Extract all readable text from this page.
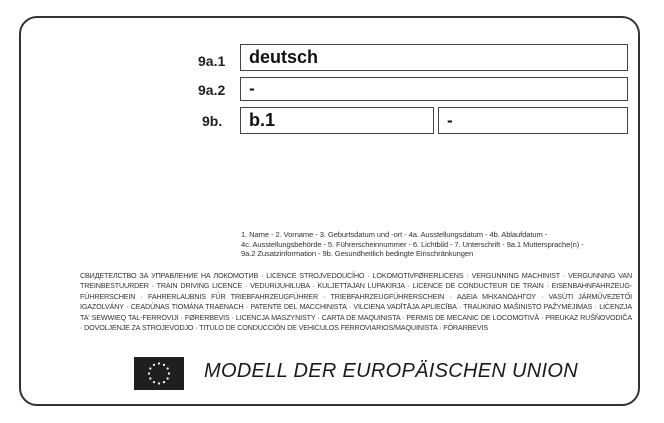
9a.1	deutsch
9a.2	-
9b.	b.1	-
1. Name - 2. Vorname - 3. Geburtsdatum und -ort - 4a. Ausstellungsdatum - 4b. Ablaufdatum -
4c. Ausstellungsbehörde - 5. Führerscheinnummer - 6. Lichtbild - 7. Unterschrift - 9a.1 Muttersprache(n) -
9a.2 Zusatzinformation - 9b. Gesundheitlich bedingte Einschränkungen
СВИДЕТЕЛСТВО ЗА УПРАВЛЕНИЕ НА ЛОКОМОТИВ · LICENCE STROJVEDOUCÍHO · LOKOMOTIVFØRERLICENS · VERGUNNING MACHINIST · VERGUNNING VAN TREINBESTUURDER · TRAIN DRIVING LICENCE · VEDURIJUHILUBA · KULJETTAJAN LUPAKIRJA · LICENCE DE CONDUCTEUR DE TRAIN · EISENBAHNFAHRZEUG-FÜHRERSCHEIN · FAHRERLAUBNIS FÜR TRIEBFAHRZEUGFÜHRER · TRIEBFAHRZEUGFÜHRERSCHEIN · ΑΔΕΙΑ ΜΗΧΑΝΟΔΗΓΟΥ · VASÚTI JÁRMŰVEZETŐI IGAZOLVÁNY · CEADÚNAS TIOMÁNA TRAENACH · PATENTE DEL MACCHINISTA · VILCIENA VADĪTĀJA APLIECĪBA · TRAUKINIO MAŠINISTO PAŽYMĖJIMAS · LIĊENZJA TA' SEWWIEQ TAL-FERROVIJI · FØRERBEVIS · LICENCJA MASZYNISTY · CARTA DE MAQUINISTA · PERMIS DE MECANIC DE LOCOMOTIVĂ · PREUKAZ RUŠŇOVODIČA · DOVOLJENJE ZA STROJEVODJO · TITULO DE CONDUCCIÓN DE VEHICULOS FERROVIARIOS/MAQUINISTA · FÖRARBEVIS
MODELL DER EUROPÄISCHEN UNION
